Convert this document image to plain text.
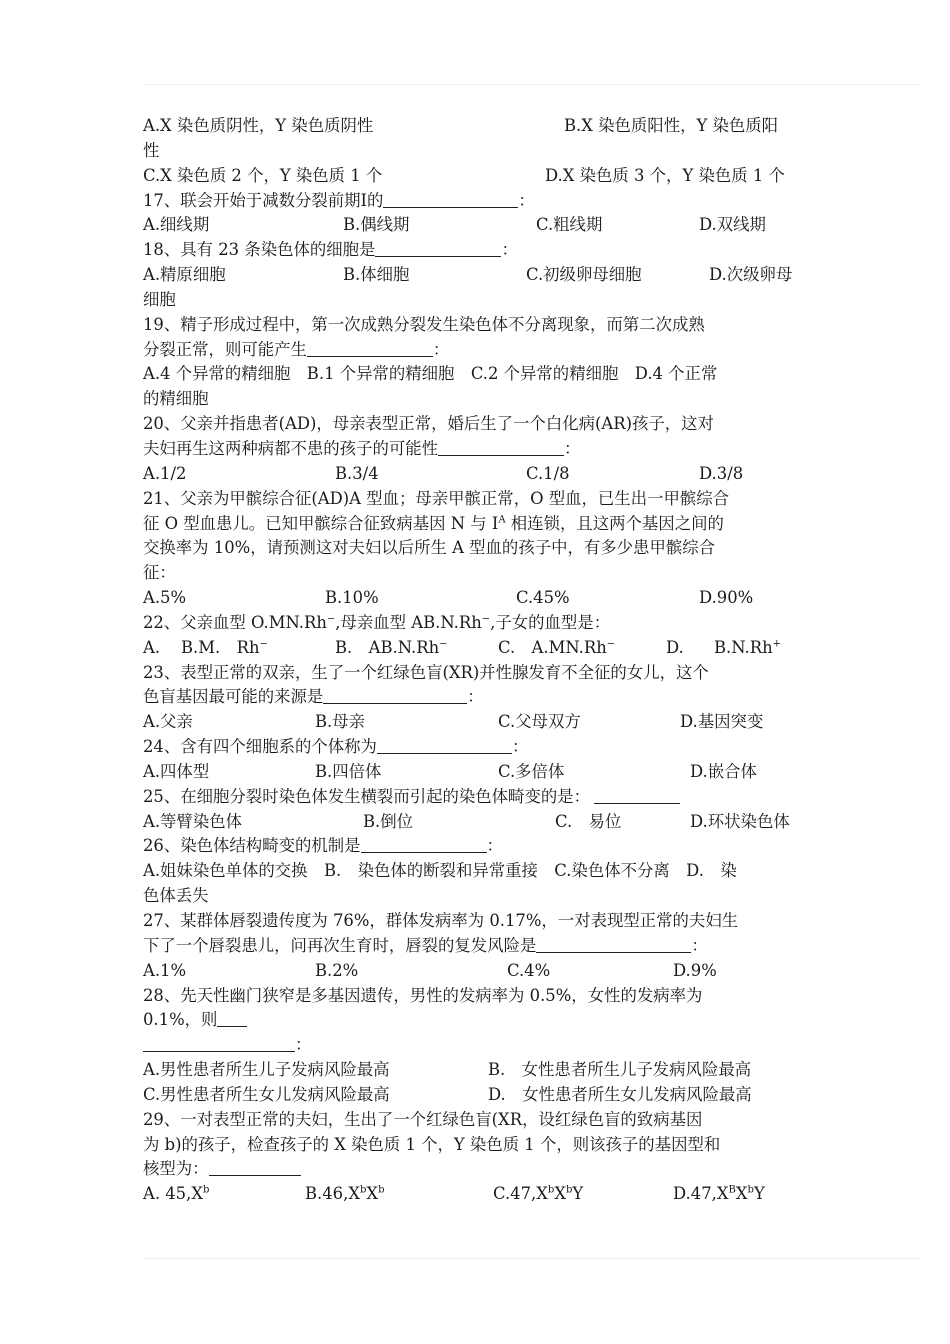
A.X 染色质阴性，Y 染色质阴性	B.X 染色质阳性，Y 染色质阳
性
C.X 染色质 2 个，Y 染色质 1 个	D.X 染色质 3 个，Y 染色质 1 个
17、联会开始于减数分裂前期Ⅰ的	：
A.细线期	B.偶线期	C.粗线期	D.双线期
18、具有 23 条染色体的细胞是	：
A.精原细胞	B.体细胞	C.初级卵母细胞	D.次级卵母
细胞
19、精子形成过程中，第一次成熟分裂发生染色体不分离现象，而第二次成熟
分裂正常，则可能产生	：
A.4 个异常的精细胞　B.1 个异常的精细胞　C.2 个异常的精细胞　D.4 个正常
的精细胞
20、父亲并指患者(AD)，母亲表型正常，婚后生了一个白化病(AR)孩子，这对
夫妇再生这两种病都不患的孩子的可能性	：
A.1/2	B.3/4	C.1/8	D.3/8
21、父亲为甲髌综合征(AD)A 型血；母亲甲髌正常，O 型血，已生出一甲髌综合
征 O 型血患儿。已知甲髌综合征致病基因 N 与 $I^A$ 相连锁，且这两个基因之间的
交换率为 10%，请预测这对夫妇以后所生 A 型血的孩子中，有多少患甲髌综合
征：
A.5%	B.10%	C.45%	D.90%
22、父亲血型 O.MN.Rh−,母亲血型 AB.N.Rh−,子女的血型是：
A. B.M.　Rh−	B.　AB.N.Rh−	C.　A.MN.Rh−	D. B.N.Rh+
23、表型正常的双亲，生了一个红绿色盲(XR)并性腺发育不全征的女儿，这个
色盲基因最可能的来源是	：
A.父亲	B.母亲	C.父母双方	D.基因突变
24、含有四个细胞系的个体称为	：
A.四体型	B.四倍体	C.多倍体	D.嵌合体
25、在细胞分裂时染色体发生横裂而引起的染色体畸变的是：
A.等臂染色体	B.倒位	C.　易位	D.环状染色体
26、染色体结构畸变的机制是	：
A.姐妹染色单体的交换　B.　染色体的断裂和异常重接　C.染色体不分离　D.　染
色体丢失
27、某群体唇裂遗传度为 76%，群体发病率为 0.17%，一对表现型正常的夫妇生
下了一个唇裂患儿，问再次生育时，唇裂的复发风险是	：
A.1%	B.2%	C.4%	D.9%
28、先天性幽门狭窄是多基因遗传，男性的发病率为 0.5%，女性的发病率为
0.1%，则
：
A.男性患者所生儿子发病风险最高	B.　女性患者所生儿子发病风险最高
C.男性患者所生女儿发病风险最高	D.　女性患者所生女儿发病风险最高
29、一对表型正常的夫妇，生出了一个红绿色盲(XR，设红绿色盲的致病基因
为 b)的孩子，检查孩子的 X 染色质 1 个，Y 染色质 1 个，则该孩子的基因型和
核型为：
A. $45,X^b$	$B.46,X^bX^b$	$C.47,X^bX^bY$	$D.47,X^BX^bY$
